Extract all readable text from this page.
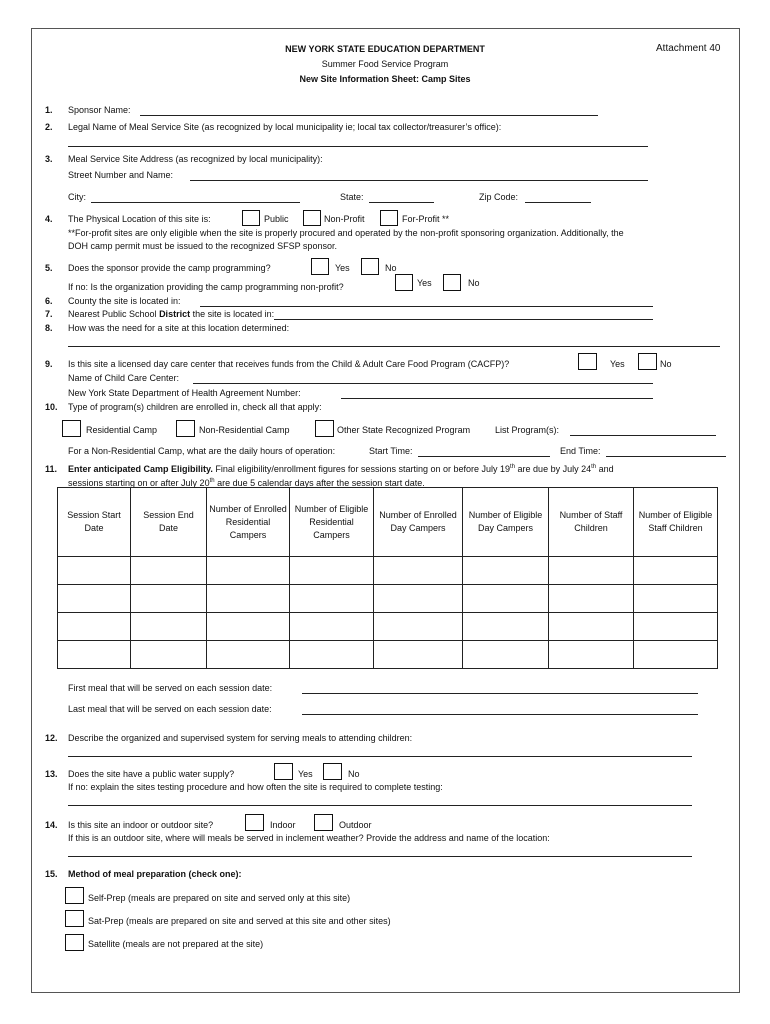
NEW YORK STATE EDUCATION DEPARTMENT
Summer Food Service Program
New Site Information Sheet: Camp Sites
Attachment 40
1. Sponsor Name:
2. Legal Name of Meal Service Site (as recognized by local municipality ie; local tax collector/treasurer’s office):
3. Meal Service Site Address (as recognized by local municipality):
Street Number and Name:
City:	State:	Zip Code:
4. The Physical Location of this site is:	Public	Non-Profit	For-Profit **
**For-profit sites are only eligible when the site is properly procured and operated by the non-profit sponsoring organization. Additionally, the
DOH camp permit must be issued to the recognized SFSP sponsor.
5. Does the sponsor provide the camp programming?	Yes	No
If no: Is the organization providing the camp programming non-profit?	Yes	No
6. County the site is located in:
7. Nearest Public School District the site is located in:
8. How was the need for a site at this location determined:
9. Is this site a licensed day care center that receives funds from the Child & Adult Care Food Program (CACFP)?	Yes	No
Name of Child Care Center:
New York State Department of Health Agreement Number:
10. Type of program(s) children are enrolled in, check all that apply:
Residential Camp	Non-Residential Camp	Other State Recognized Program	List Program(s):
For a Non-Residential Camp, what are the daily hours of operation:	Start Time:	End Time:
11. Enter anticipated Camp Eligibility. Final eligibility/enrollment figures for sessions starting on or before July 19th are due by July 24th and
sessions starting on or after July 20th are due 5 calendar days after the session start date.
Session Start Date	Session End Date	Number of Enrolled Residential Campers	Number of Eligible Residential Campers	Number of Enrolled Day Campers	Number of Eligible Day Campers	Number of Staff Children	Number of Eligible Staff Children

First meal that will be served on each session date:
Last meal that will be served on each session date:
12. Describe the organized and supervised system for serving meals to attending children:
13. Does the site have a public water supply?	Yes	No
If no: explain the sites testing procedure and how often the site is required to complete testing:
14. Is this site an indoor or outdoor site?	Indoor	Outdoor
If this is an outdoor site, where will meals be served in inclement weather? Provide the address and name of the location:
15. Method of meal preparation (check one):
Self-Prep (meals are prepared on site and served only at this site)
Sat-Prep (meals are prepared on site and served at this site and other sites)
Satellite (meals are not prepared at the site)
